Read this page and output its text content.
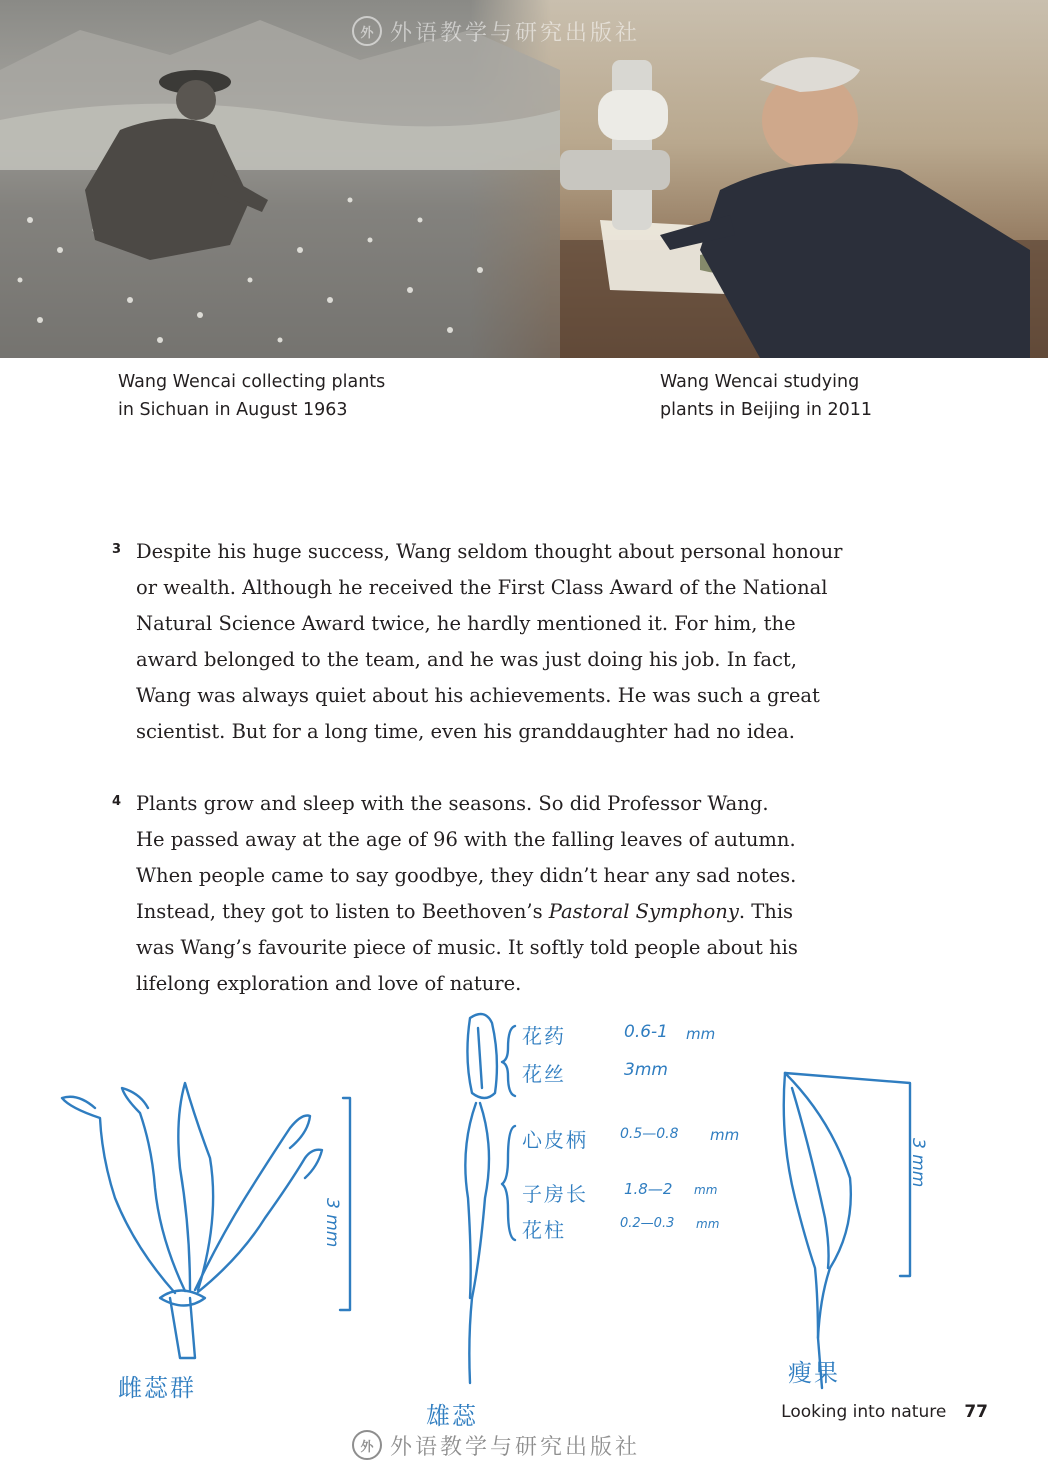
外 外语教学与研究出版社

Wang Wencai collecting plants

in Sichuan in August 1963

Wang Wencai studying

plants in Beijing in 2011

3 Despite his huge success, Wang seldom thought about personal honour

or wealth. Although he received the First Class Award of the National

Natural Science Award twice, he hardly mentioned it. For him, the

award belonged to the team, and he was just doing his job. In fact,

Wang was always quiet about his achievements. He was such a great

scientist. But for a long time, even his granddaughter had no idea.

4 Plants grow and sleep with the seasons. So did Professor Wang.

He passed away at the age of 96 with the falling leaves of autumn.

When people came to say goodbye, they didn’t hear any sad notes.

Instead, they got to listen to Beethoven’s Pastoral Symphony. This

was Wang’s favourite piece of music. It softly told people about his

lifelong exploration and love of nature.

雌蕊群
3 mm
雄蕊
瘦果
3 mm
花药	0.6-1 mm
花丝	3mm
心皮柄 0.5—0.8 mm
子房长 1.8—2 mm
花柱	0.2—0.3 mm
Looking into nature 77
外 外语教学与研究出版社
